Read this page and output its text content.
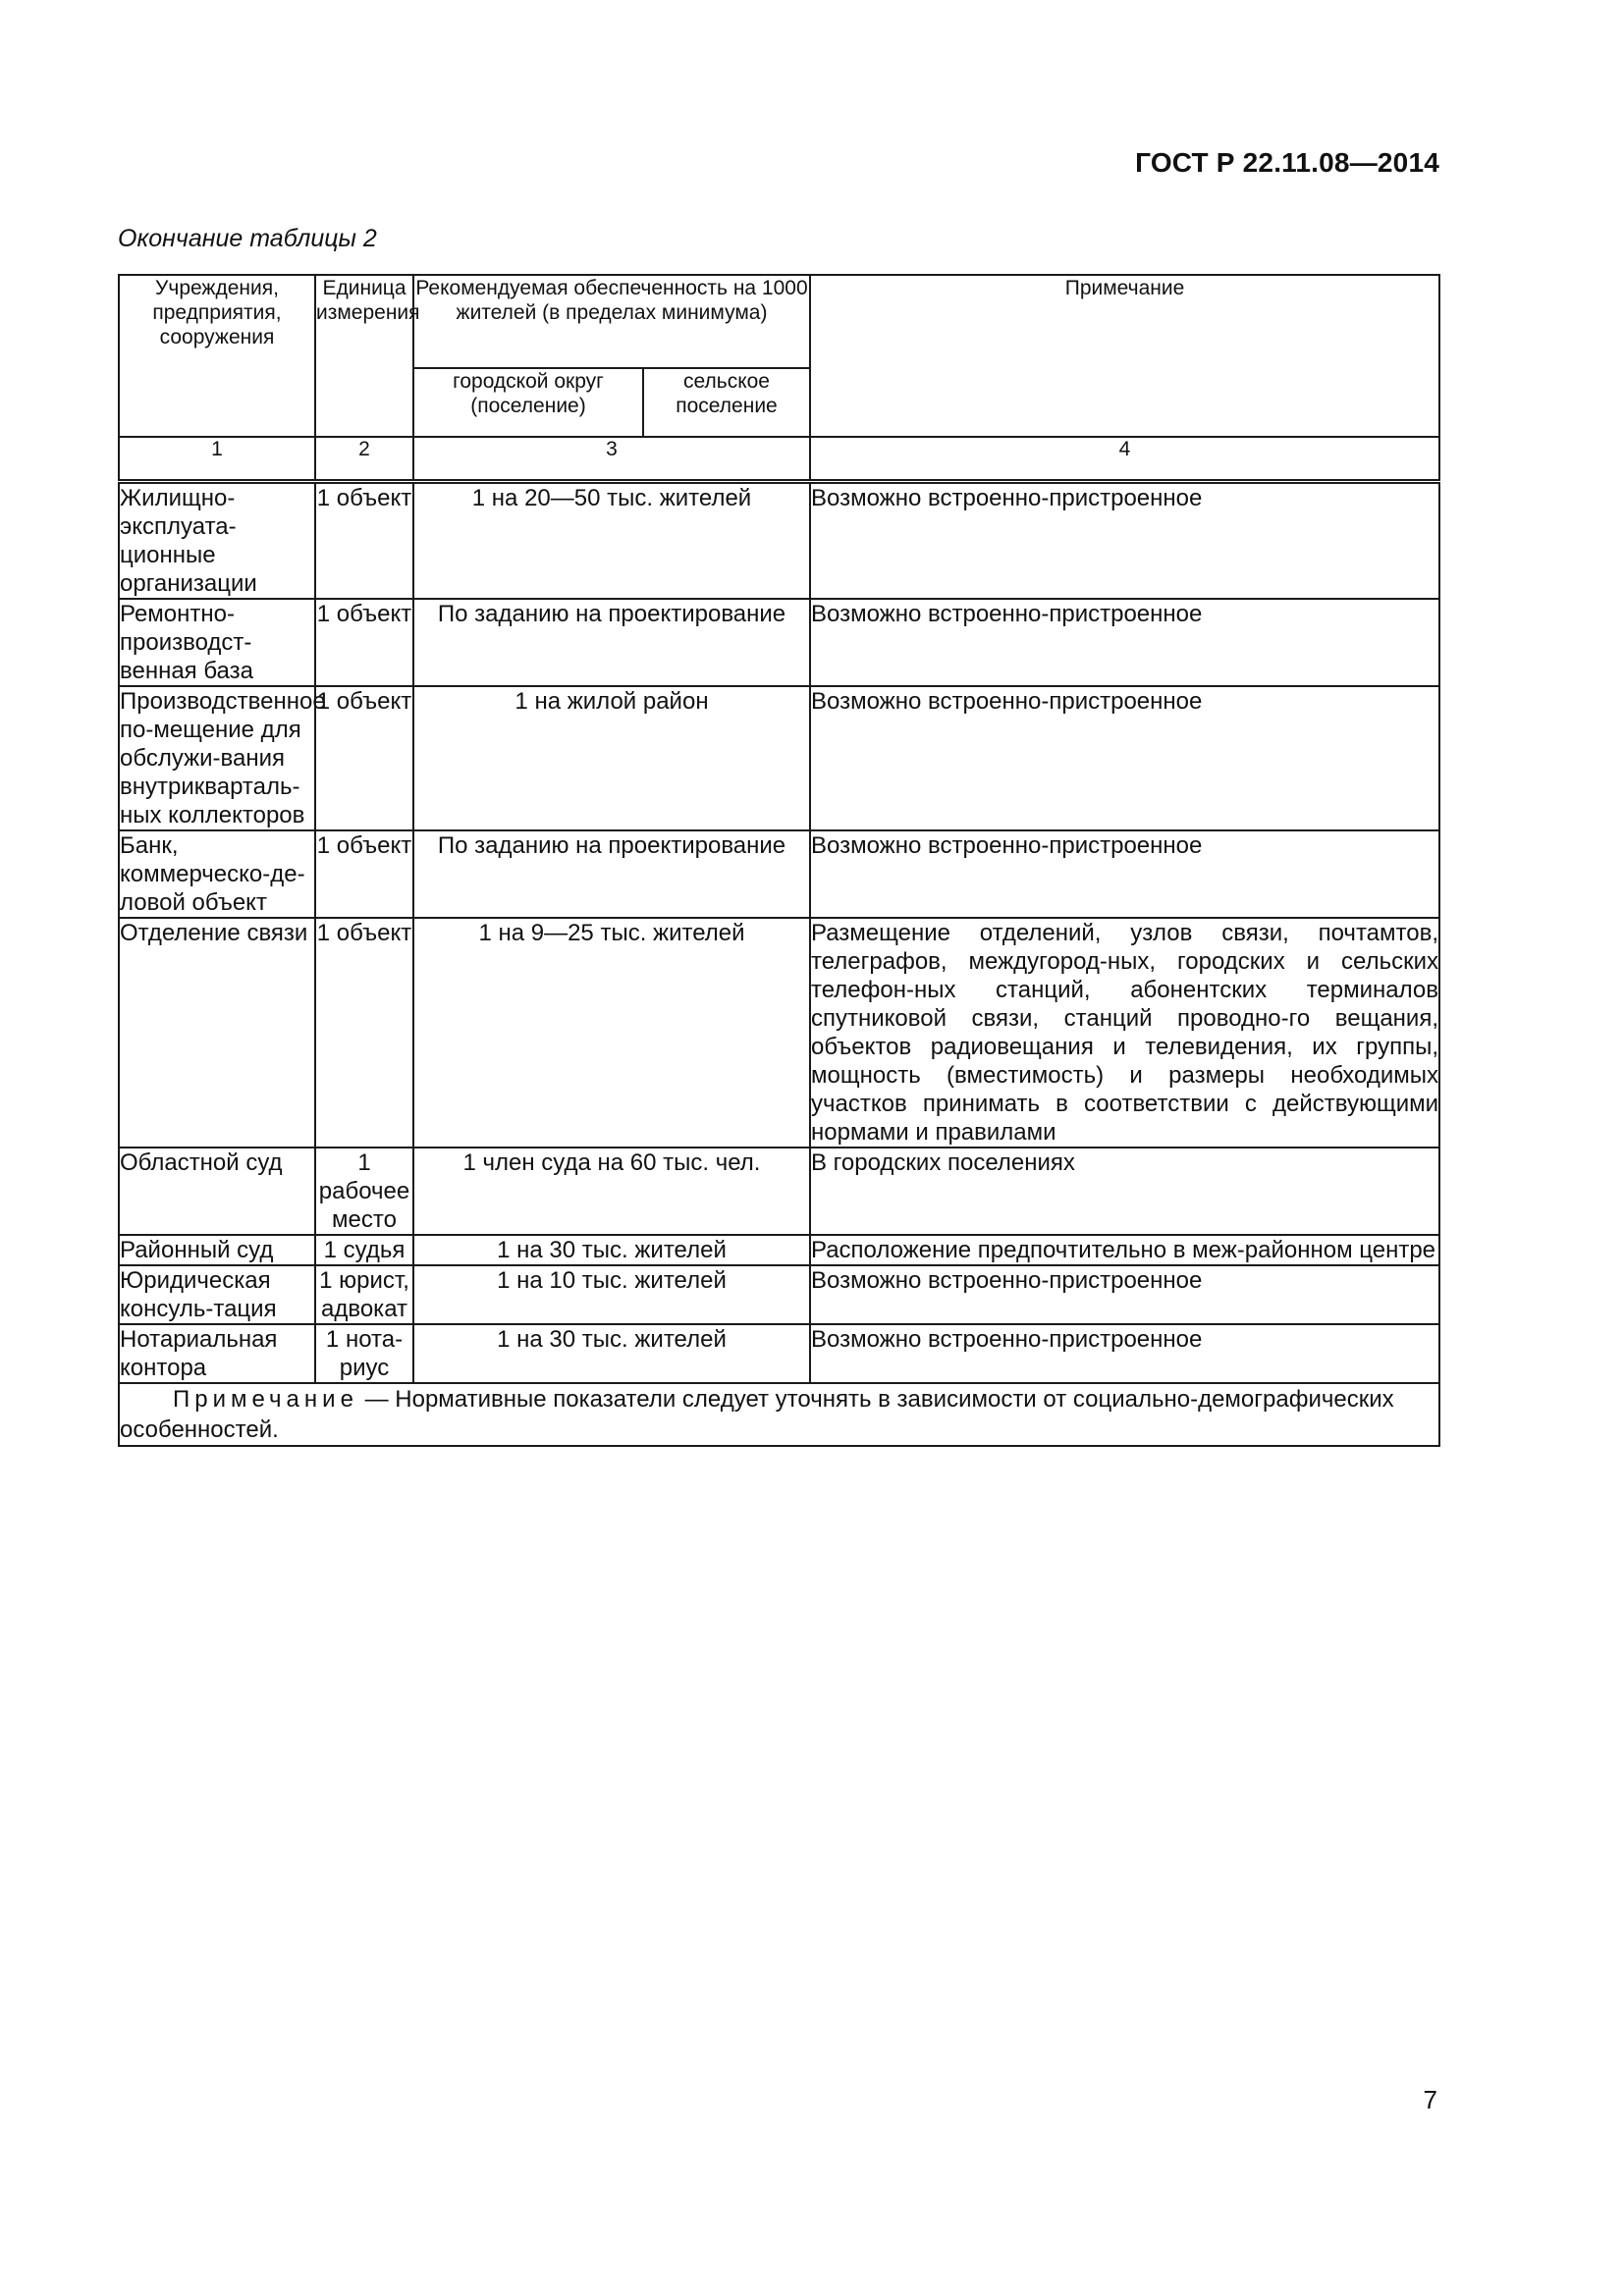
ГОСТ Р 22.11.08—2014
Окончание таблицы 2
Учреждения, предприятия, сооружения	Единица измерения	Рекомендуемая обеспеченность на 1000 жителей (в пределах минимума)		Примечание
		городской округ (поселение)	сельское поселение	
1	2	3		4
Жилищно-эксплуата-ционные организации	1 объект	1 на 20—50 тыс. жителей		Возможно встроенно-пристроенное
Ремонтно-производст-венная база	1 объект	По заданию на проектирование		Возможно встроенно-пристроенное
Производственное по-мещение для обслужи-вания внутрикварталь-ных коллекторов	1 объект	1 на жилой район		Возможно встроенно-пристроенное
Банк, коммерческо-де-ловой объект	1 объект	По заданию на проектирование		Возможно встроенно-пристроенное
Отделение связи	1 объект	1 на 9—25 тыс. жителей		Размещение отделений, узлов связи, почтамтов, телеграфов, междугород-ных, городских и сельских телефон-ных станций, абонентских терминалов спутниковой связи, станций проводно-го вещания, объектов радиовещания и телевидения, их группы, мощность (вместимость) и размеры необходимых участков принимать в соответствии с действующими нормами и правилами
Областной суд	1 рабочее место	1 член суда на 60 тыс. чел.		В городских поселениях
Районный суд	1 судья	1 на 30 тыс. жителей		Расположение предпочтительно в меж-районном центре
Юридическая консуль-тация	1 юрист, адвокат	1 на 10 тыс. жителей		Возможно встроенно-пристроенное
Нотариальная контора	1 нота-риус	1 на 30 тыс. жителей		Возможно встроенно-пристроенное
Примечание — Нормативные показатели следует уточнять в зависимости от социально-демографических особенностей.				
7
